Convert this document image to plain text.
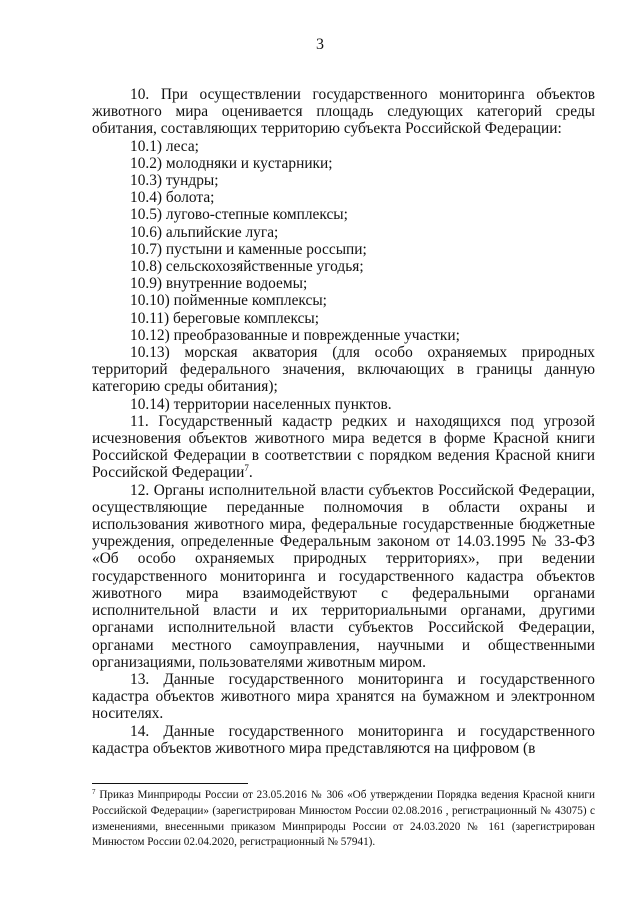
3

10. При осуществлении государственного мониторинга объектов животного мира оценивается площадь следующих категорий среды обитания, составляющих территорию субъекта Российской Федерации:

10.1) леса;

10.2) молодняки и кустарники;

10.3) тундры;

10.4) болота;

10.5) лугово-степные комплексы;

10.6) альпийские луга;

10.7) пустыни и каменные россыпи;

10.8) сельскохозяйственные угодья;

10.9) внутренние водоемы;

10.10) пойменные комплексы;

10.11) береговые комплексы;

10.12) преобразованные и поврежденные участки;

10.13) морская акватория (для особо охраняемых природных территорий федерального значения, включающих в границы данную категорию среды обитания);

10.14) территории населенных пунктов.

11. Государственный кадастр редких и находящихся под угрозой исчезновения объектов животного мира ведется в форме Красной книги Российской Федерации в соответствии с порядком ведения Красной книги Российской Федерации$^7$.

12. Органы исполнительной власти субъектов Российской Федерации, осуществляющие переданные полномочия в области охраны и использования животного мира, федеральные государственные бюджетные учреждения, определенные Федеральным законом от 14.03.1995 № 33-ФЗ «Об особо охраняемых природных территориях», при ведении государственного мониторинга и государственного кадастра объектов животного мира взаимодействуют с федеральными органами исполнительной власти и их территориальными органами, другими органами исполнительной власти субъектов Российской Федерации, органами местного самоуправления, научными и общественными организациями, пользователями животным миром.

13. Данные государственного мониторинга и государственного кадастра объектов животного мира хранятся на бумажном и электронном носителях.

14. Данные государственного мониторинга и государственного кадастра объектов животного мира представляются на цифровом (в

$^7$ Приказ Минприроды России от 23.05.2016 № 306 «Об утверждении Порядка ведения Красной книги Российской Федерации» (зарегистрирован Минюстом России 02.08.2016 , регистрационный № 43075) с изменениями, внесенными приказом Минприроды России от 24.03.2020 № 161 (зарегистрирован Минюстом России 02.04.2020, регистрационный № 57941).
